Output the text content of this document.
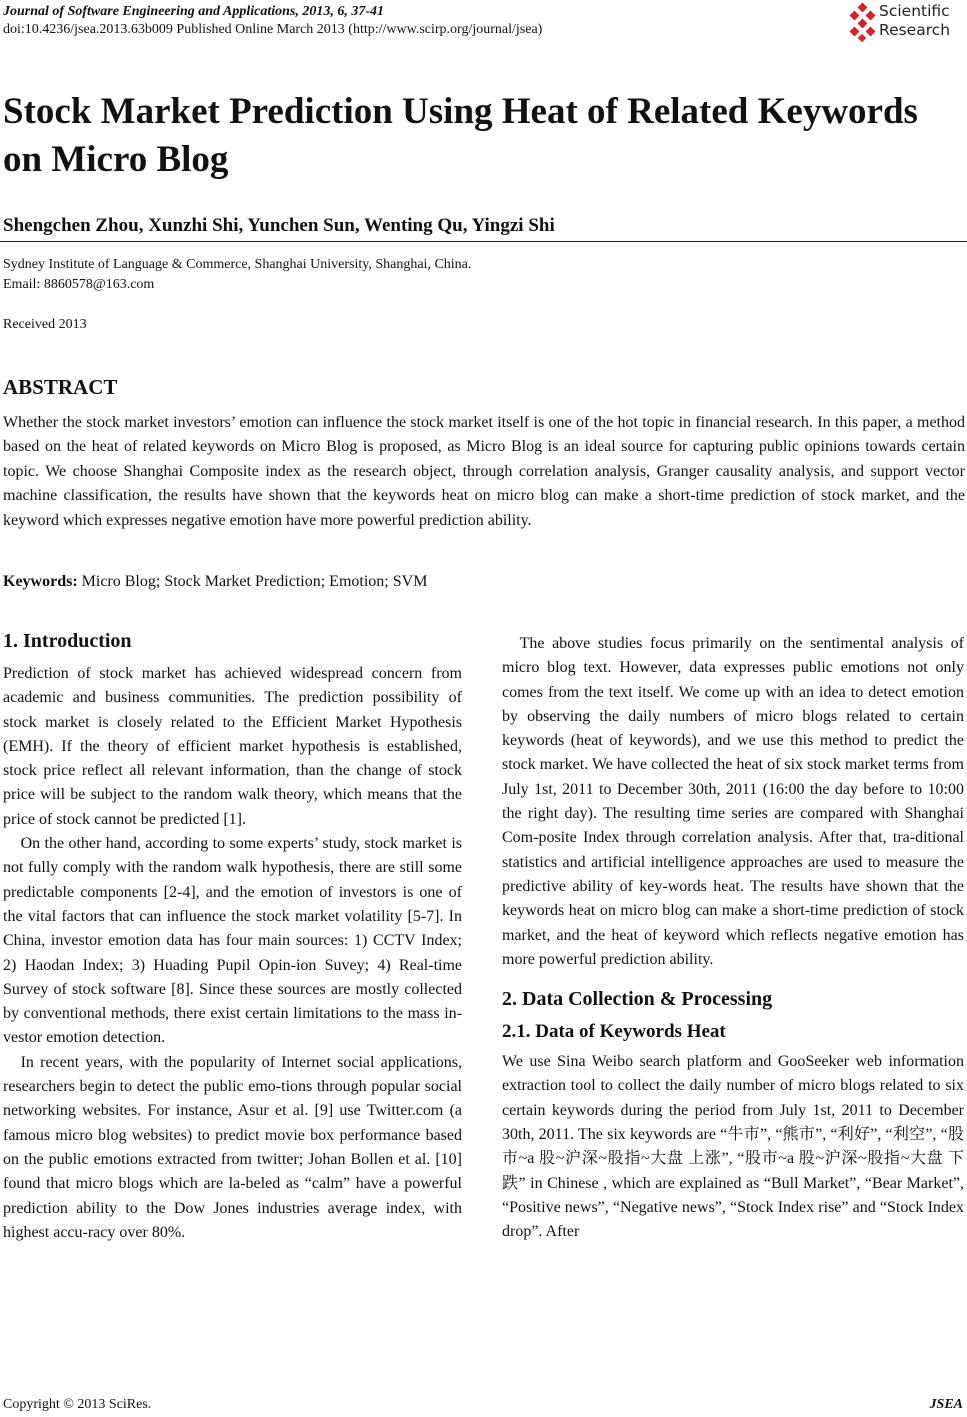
Journal of Software Engineering and Applications, 2013, 6, 37-41
doi:10.4236/jsea.2013.63b009 Published Online March 2013 (http://www.scirp.org/journal/jsea)
Scientific
Research
Stock Market Prediction Using Heat of Related Keywords on Micro Blog
Shengchen Zhou, Xunzhi Shi, Yunchen Sun, Wenting Qu, Yingzi Shi
Sydney Institute of Language & Commerce, Shanghai University, Shanghai, China.
Email: 8860578@163.com
Received 2013
ABSTRACT
Whether the stock market investors’ emotion can influence the stock market itself is one of the hot topic in financial research. In this paper, a method based on the heat of related keywords on Micro Blog is proposed, as Micro Blog is an ideal source for capturing public opinions towards certain topic. We choose Shanghai Composite index as the research object, through correlation analysis, Granger causality analysis, and support vector machine classification, the results have shown that the keywords heat on micro blog can make a short-time prediction of stock market, and the keyword which expresses negative emotion have more powerful prediction ability.
Keywords: Micro Blog; Stock Market Prediction; Emotion; SVM
1. Introduction

Prediction of stock market has achieved widespread concern from academic and business communities. The prediction possibility of stock market is closely related to the Efficient Market Hypothesis (EMH). If the theory of efficient market hypothesis is established, stock price reflect all relevant information, than the change of stock price will be subject to the random walk theory, which means that the price of stock cannot be predicted [1].

On the other hand, according to some experts’ study, stock market is not fully comply with the random walk hypothesis, there are still some predictable components [2-4], and the emotion of investors is one of the vital factors that can influence the stock market volatility [5-7]. In China, investor emotion data has four main sources: 1) CCTV Index; 2) Haodan Index; 3) Huading Pupil Opin-ion Suvey; 4) Real-time Survey of stock software [8]. Since these sources are mostly collected by conventional methods, there exist certain limitations to the mass in-vestor emotion detection.

In recent years, with the popularity of Internet social applications, researchers begin to detect the public emo-tions through popular social networking websites. For instance, Asur et al. [9] use Twitter.com (a famous micro blog websites) to predict movie box performance based on the public emotions extracted from twitter; Johan Bollen et al. [10] found that micro blogs which are la-beled as “calm” have a powerful prediction ability to the Dow Jones industries average index, with highest accu-racy over 80%.

The above studies focus primarily on the sentimental analysis of micro blog text. However, data expresses public emotions not only comes from the text itself. We come up with an idea to detect emotion by observing the daily numbers of micro blogs related to certain keywords (heat of keywords), and we use this method to predict the stock market. We have collected the heat of six stock market terms from July 1st, 2011 to December 30th, 2011 (16:00 the day before to 10:00 the right day). The resulting time series are compared with Shanghai Com-posite Index through correlation analysis. After that, tra-ditional statistics and artificial intelligence approaches are used to measure the predictive ability of key-words heat. The results have shown that the keywords heat on micro blog can make a short-time prediction of stock market, and the heat of keyword which reflects negative emotion has more powerful prediction ability.

2. Data Collection & Processing
2.1. Data of Keywords Heat

We use Sina Weibo search platform and GooSeeker web information extraction tool to collect the daily number of micro blogs related to six certain keywords during the period from July 1st, 2011 to December 30th, 2011. The six keywords are “牛市”, “熊市”, “利好”, “利空”, “股市~a 股~沪深~股指~大盘 上涨”, “股市~a 股~沪深~股指~大盘 下跌” in Chinese , which are explained as “Bull Market”, “Bear Market”, “Positive news”, “Negative news”, “Stock Index rise” and “Stock Index drop”. After

Copyright © 2013 SciRes.	JSEA
